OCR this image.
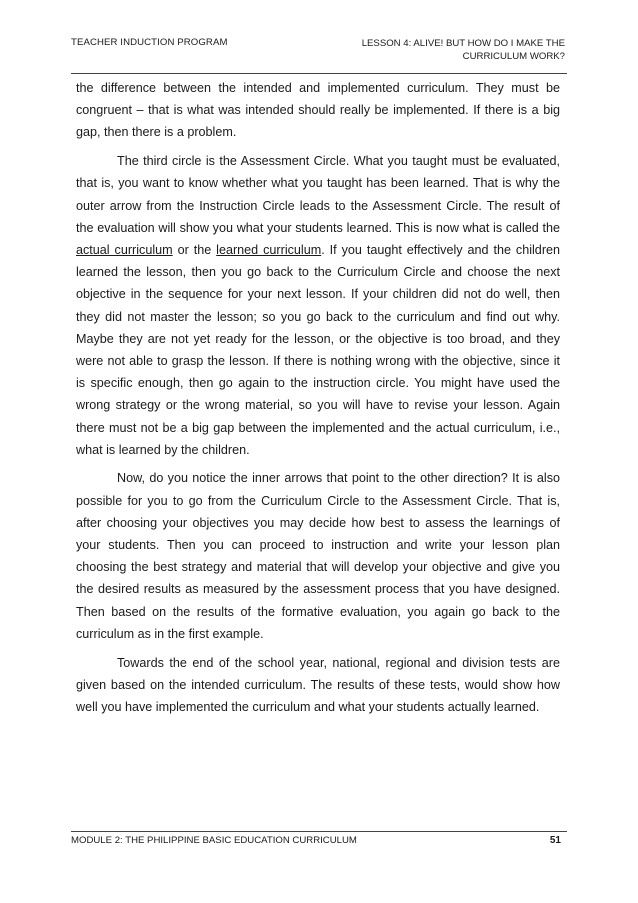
TEACHER INDUCTION PROGRAM	LESSON 4: ALIVE! BUT HOW DO I MAKE THE
CURRICULUM WORK?

the difference between the intended and implemented curriculum. They must be congruent – that is what was intended should really be implemented. If there is a big gap, then there is a problem.

The third circle is the Assessment Circle. What you taught must be evaluated, that is, you want to know whether what you taught has been learned. That is why the outer arrow from the Instruction Circle leads to the Assessment Circle. The result of the evaluation will show you what your students learned. This is now what is called the actual curriculum or the learned curriculum. If you taught effectively and the children learned the lesson, then you go back to the Curriculum Circle and choose the next objective in the sequence for your next lesson. If your children did not do well, then they did not master the lesson; so you go back to the curriculum and find out why. Maybe they are not yet ready for the lesson, or the objective is too broad, and they were not able to grasp the lesson. If there is nothing wrong with the objective, since it is specific enough, then go again to the instruction circle. You might have used the wrong strategy or the wrong material, so you will have to revise your lesson. Again there must not be a big gap between the implemented and the actual curriculum, i.e., what is learned by the children.

Now, do you notice the inner arrows that point to the other direction? It is also possible for you to go from the Curriculum Circle to the Assessment Circle. That is, after choosing your objectives you may decide how best to assess the learnings of your students. Then you can proceed to instruction and write your lesson plan choosing the best strategy and material that will develop your objective and give you the desired results as measured by the assessment process that you have designed. Then based on the results of the formative evaluation, you again go back to the curriculum as in the first example.

Towards the end of the school year, national, regional and division tests are given based on the intended curriculum. The results of these tests, would show how well you have implemented the curriculum and what your students actually learned.

MODULE 2: THE PHILIPPINE BASIC EDUCATION CURRICULUM	51
